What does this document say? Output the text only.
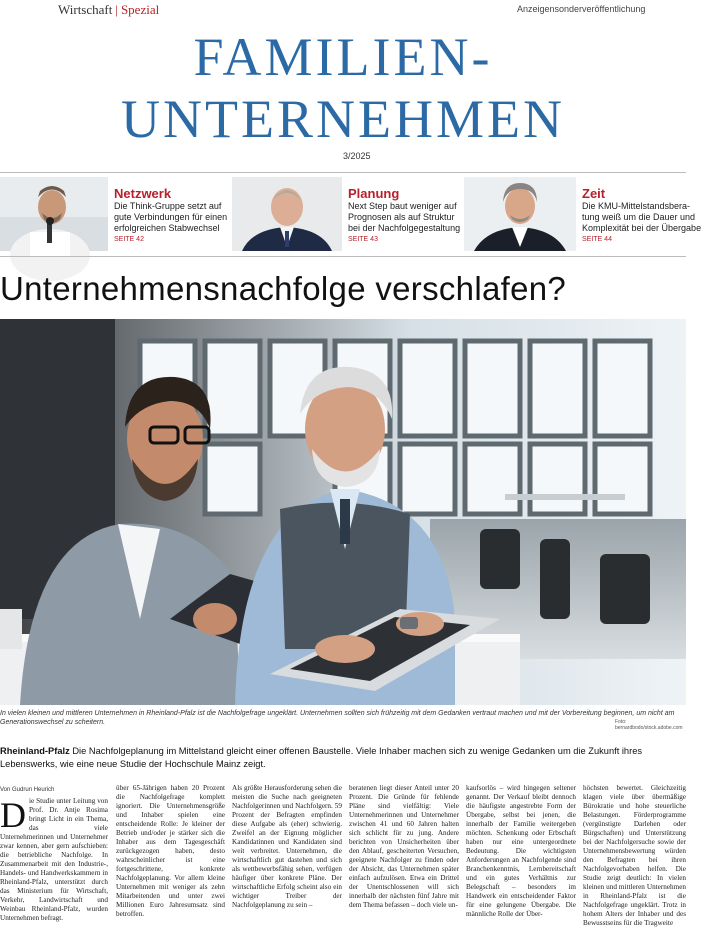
Wirtschaft | Spezial	Anzeigensonderveröffentlichung
FAMILIEN-
UNTERNEHMEN
3/2025
Netzwerk
Die Think-Gruppe setzt auf
gute Verbindungen für einen
erfolgreichen Stabwechsel
SEITE 42
Planung
Next Step baut weniger auf
Prognosen als auf Struktur
bei der Nachfolgegestaltung
SEITE 43
Zeit
Die KMU-Mittelstandsbera-
tung weiß um die Dauer und
Komplexität bei der Übergabe
SEITE 44
Unternehmensnachfolge verschlafen?
In vielen kleinen und mittleren Unternehmen in Rheinland-Pfalz ist die Nachfolgefrage ungeklärt. Unternehmen sollten sich frühzeitig mit dem Gedanken vertraut machen und mit der Vorbereitung beginnen, um nicht am Generationswechsel zu scheitern.	Foto: bernardbodo/stock.adobe.com
Rheinland-Pfalz Die Nachfolgeplanung im Mittelstand gleicht einer offenen Baustelle. Viele Inhaber machen sich zu wenige Gedanken um die Zukunft ihres Lebenswerks, wie eine neue Studie der Hochschule Mainz zeigt.
Von Gudrun Heurich
Die Studie unter Leitung von Prof. Dr. Antje Rosima bringt Licht in ein Thema, das viele Unternehmerinnen und Unternehmer zwar kennen, aber gern aufschieben: die betriebliche Nachfolge. In Zusammenarbeit mit den Industrie-, Handels- und Handwerkskammern in Rheinland-Pfalz, unterstützt durch das Ministerium für Wirtschaft, Verkehr, Landwirtschaft und Weinbau Rheinland-Pfalz, wurden Unternehmen befragt.
über 65-Jährigen haben 20 Prozent die Nachfolgefrage komplett ignoriert. Die Unternehmensgröße und Inhaber spielen eine entscheidende Rolle: Je kleiner der Betrieb und/oder je stärker sich die Inhaber aus dem Tagesgeschäft zurückgezogen haben, desto wahrscheinlicher ist eine fortgeschrittene, konkrete Nachfolgeplanung. Vor allem kleine Unternehmen mit weniger als zehn Mitarbeitenden und unter zwei Millionen Euro Jahresumsatz sind betroffen.
Als größte Herausforderung sehen die meisten die Suche nach geeigneten Nachfolgerinnen und Nachfolgern. 59 Prozent der Befragten empfinden diese Aufgabe als (eher) schwierig. Zweifel an der Eignung möglicher Kandidatinnen und Kandidaten sind weit verbreitet. Unternehmen, die wirtschaftlich gut dastehen und sich als wettbewerbsfähig sehen, verfügen häufiger über konkrete Pläne. Der wirtschaftliche Erfolg scheint also ein wichtiger Treiber der Nachfolgeplanung zu sein –
beratenen liegt dieser Anteil unter 20 Prozent. Die Gründe für fehlende Pläne sind vielfältig: Viele Unternehmerinnen und Unternehmer zwischen 41 und 60 Jahren halten sich schlicht für zu jung. Andere berichten von Unsicherheiten über den Ablauf, gescheiterten Versuchen, geeignete Nachfolger zu finden oder der Absicht, das Unternehmen später einfach aufzulösen. Etwa ein Drittel der Unentschlossenen will sich innerhalb der nächsten fünf Jahre mit dem Thema befassen – doch viele un-
kaufsorlös – wird hingegen seltener genannt. Der Verkauf bleibt dennoch die häufigste angestrebte Form der Übergabe, selbst bei jenen, die innerhalb der Familie weitergeben möchten. Schenkung oder Erbschaft haben nur eine untergeordnete Bedeutung. Die wichtigsten Anforderungen an Nachfolgende sind Branchenkenntnis, Lernbereitschaft und ein gutes Verhältnis zur Belegschaft – besonders im Handwerk ein entscheidender Faktor für eine gelungene Übergabe. Die männliche Rolle der Über-
höchsten bewertet. Gleichzeitig klagen viele über übermäßige Bürokratie und hohe steuerliche Belastungen. Förderprogramme (vergünstigte Darlehen oder Bürgschaften) und Unterstützung bei der Nachfolgersuche sowie der Unternehmensbewertung würden den Befragten bei ihren Nachfolgevorhaben helfen. Die Studie zeigt deutlich: In vielen kleinen und mittleren Unternehmen in Rheinland-Pfalz ist die Nachfolgefrage ungeklärt. Trotz in hohem Alters der Inhaber und des Bewusstseins für die Tragweite
